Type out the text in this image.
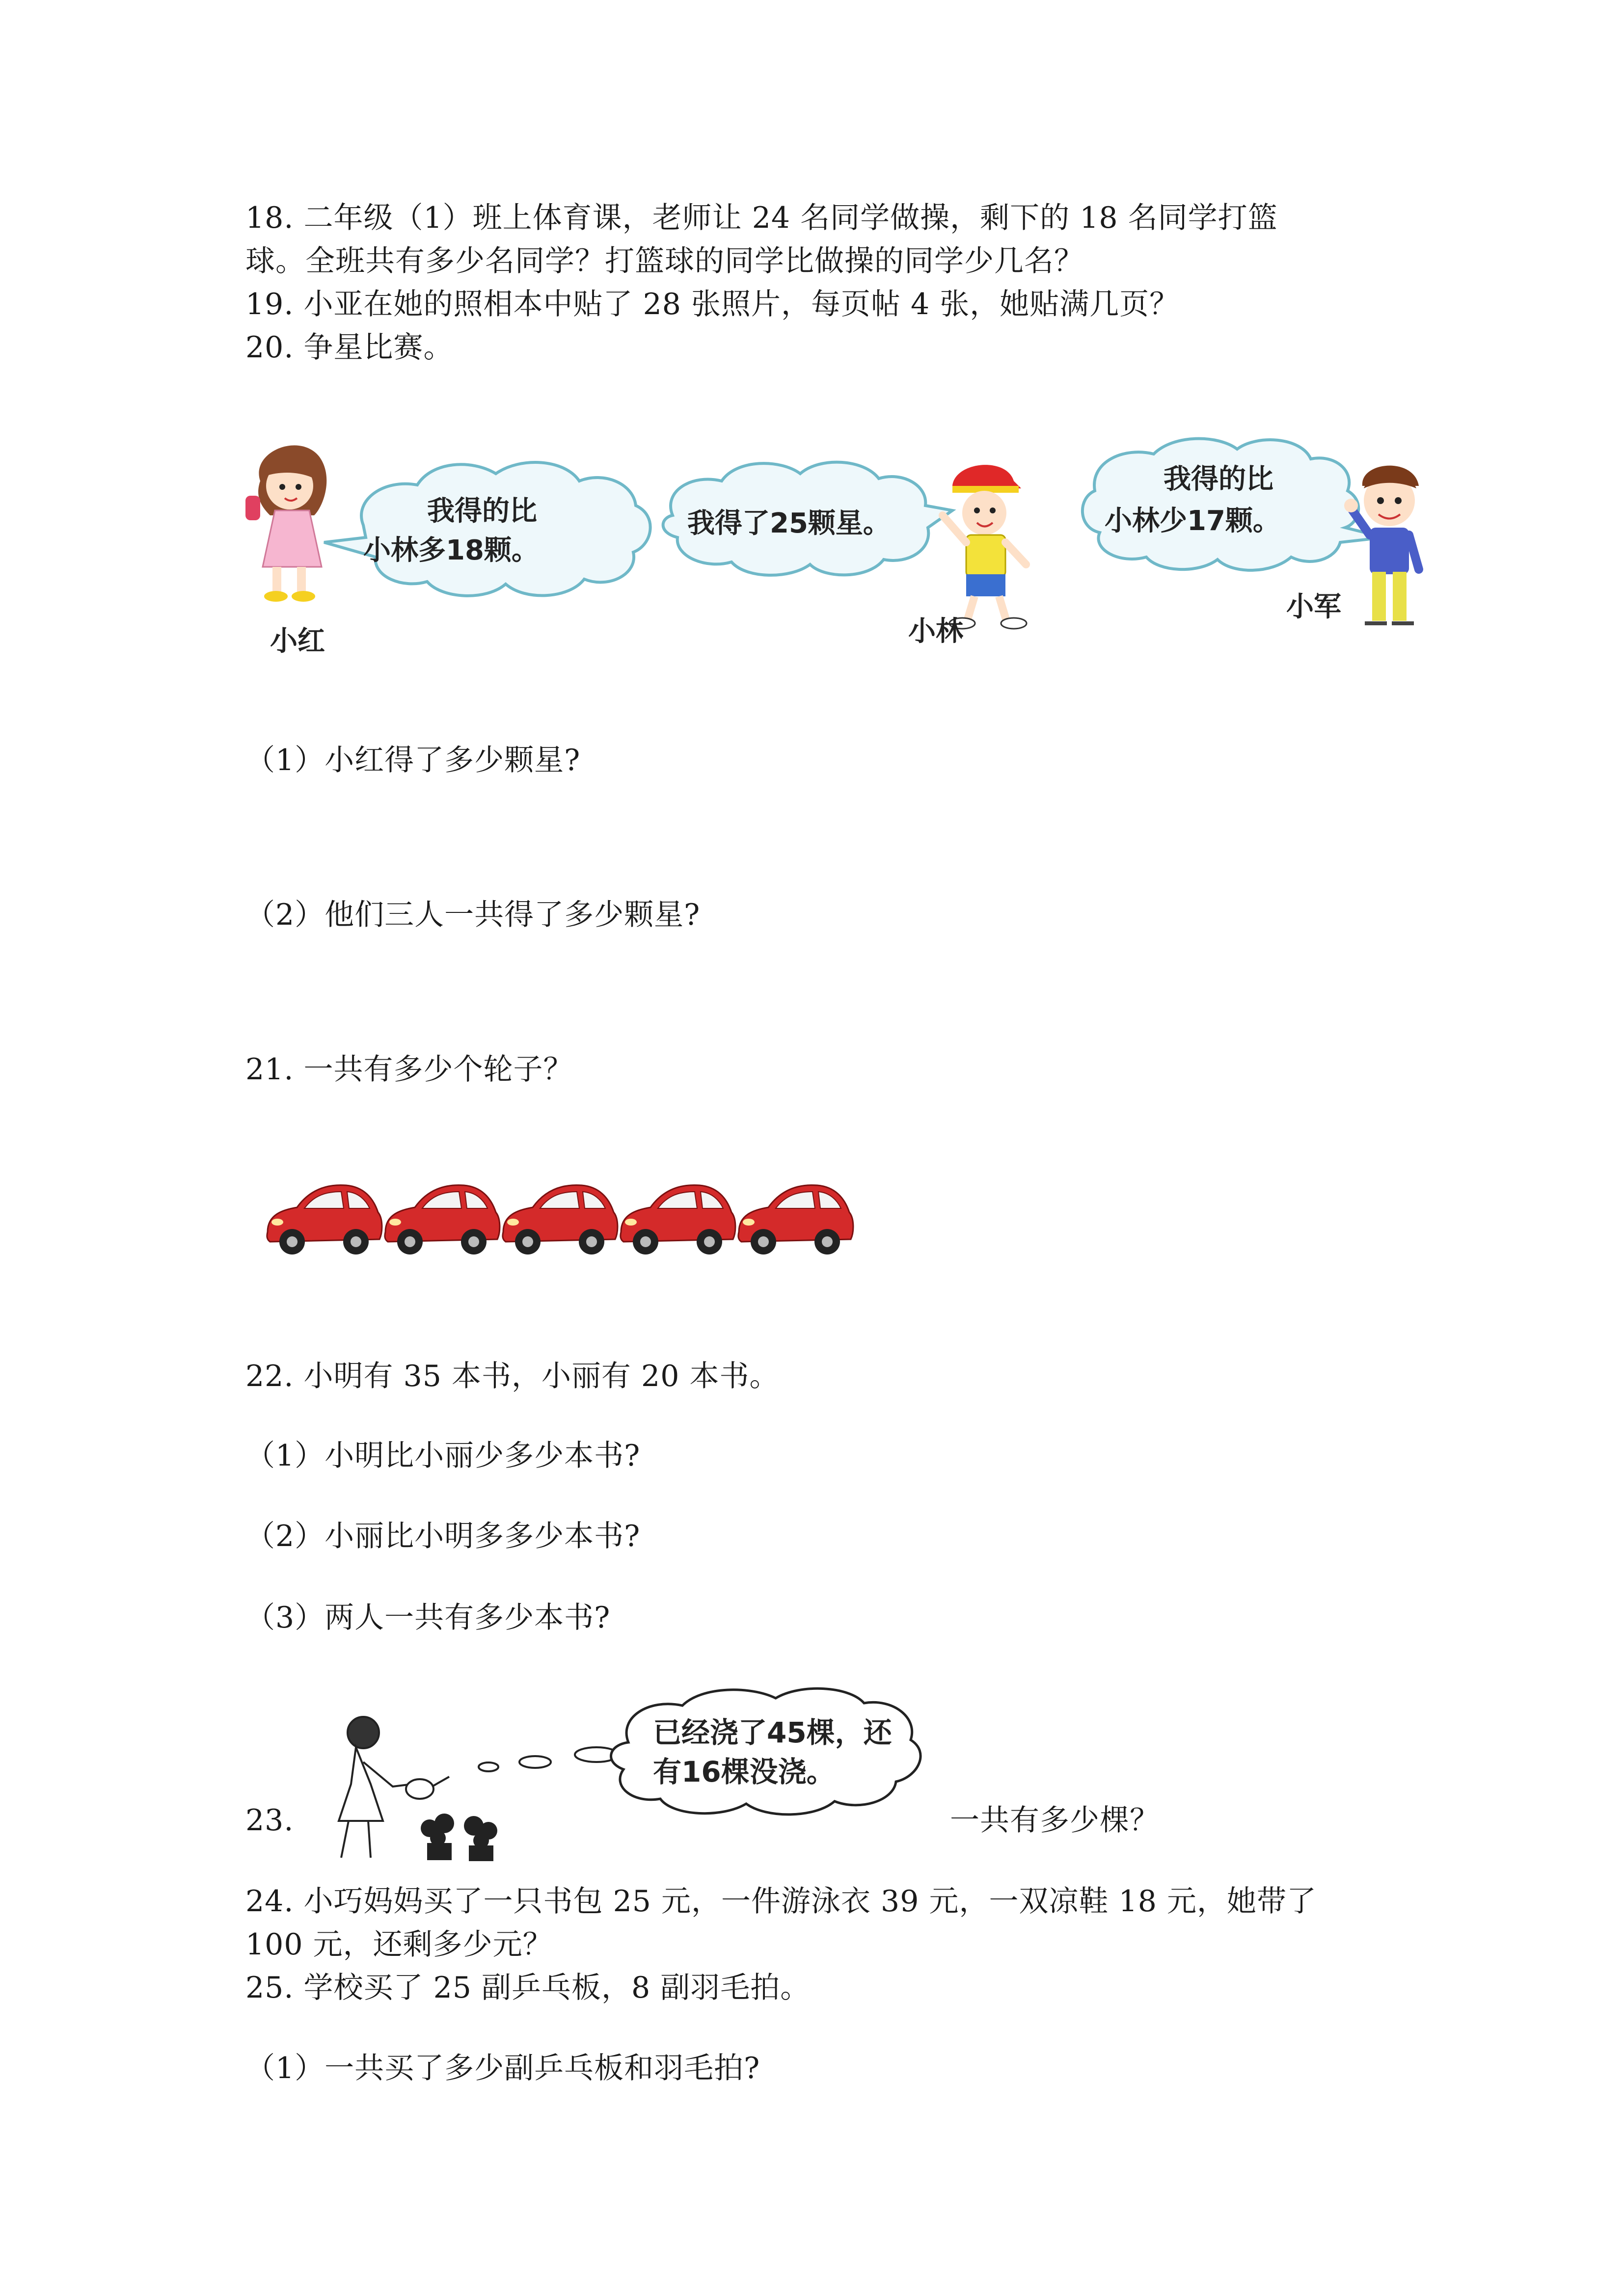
18. 二年级（1）班上体育课，老师让 24 名同学做操，剩下的 18 名同学打篮
球。全班共有多少名同学？打篮球的同学比做操的同学少几名？
19. 小亚在她的照相本中贴了 28 张照片，每页帖 4 张，她贴满几页？
20. 争星比赛。
我得的比
小林多18颗。
小红
我得了25颗星。
小林
我得的比
小林少17颗。
小军
（1）小红得了多少颗星?
（2）他们三人一共得了多少颗星?
21. 一共有多少个轮子？
22. 小明有 35 本书，小丽有 20 本书。
（1）小明比小丽少多少本书?
（2）小丽比小明多多少本书?
（3）两人一共有多少本书?
23.
已经浇了45棵，还
有16棵没浇。
一共有多少棵？
24. 小巧妈妈买了一只书包 25 元，一件游泳衣 39 元，一双凉鞋 18 元，她带了
100 元，还剩多少元？
25. 学校买了 25 副乒乓板，8 副羽毛拍。
（1）一共买了多少副乒乓板和羽毛拍?
